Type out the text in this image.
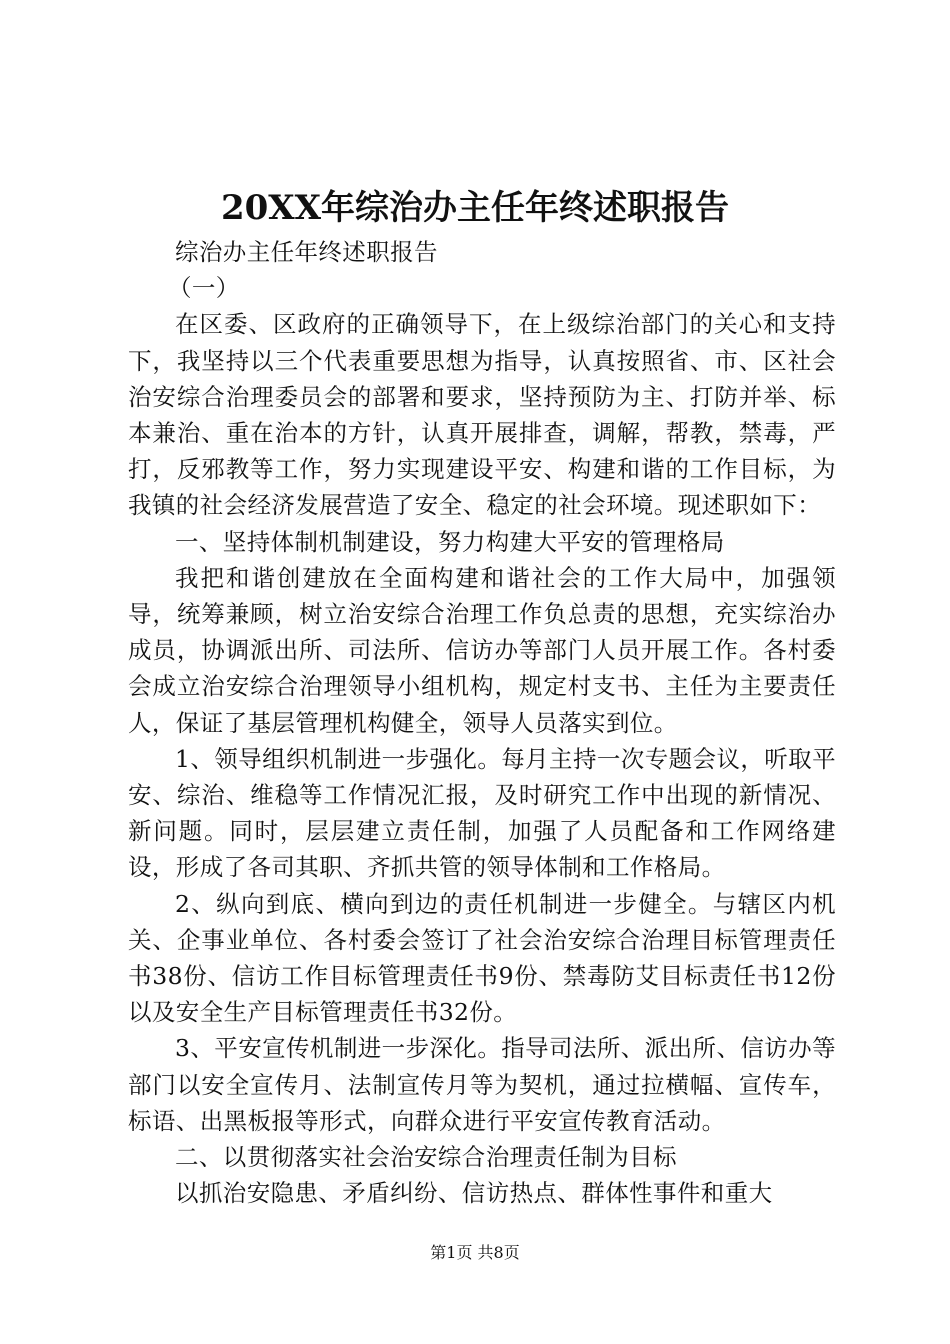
20XX年综治办主任年终述职报告

综治办主任年终述职报告

（一）

在区委、区政府的正确领导下，在上级综治部门的关心和支持下，我坚持以三个代表重要思想为指导，认真按照省、市、区社会治安综合治理委员会的部署和要求，坚持预防为主、打防并举、标本兼治、重在治本的方针，认真开展排查，调解，帮教，禁毒，严打，反邪教等工作，努力实现建设平安、构建和谐的工作目标，为我镇的社会经济发展营造了安全、稳定的社会环境。现述职如下：

一、坚持体制机制建设，努力构建大平安的管理格局

我把和谐创建放在全面构建和谐社会的工作大局中，加强领导，统筹兼顾，树立治安综合治理工作负总责的思想，充实综治办成员，协调派出所、司法所、信访办等部门人员开展工作。各村委会成立治安综合治理领导小组机构，规定村支书、主任为主要责任人，保证了基层管理机构健全，领导人员落实到位。

1、领导组织机制进一步强化。每月主持一次专题会议，听取平安、综治、维稳等工作情况汇报，及时研究工作中出现的新情况、新问题。同时，层层建立责任制，加强了人员配备和工作网络建设，形成了各司其职、齐抓共管的领导体制和工作格局。

2、纵向到底、横向到边的责任机制进一步健全。与辖区内机关、企事业单位、各村委会签订了社会治安综合治理目标管理责任书38份、信访工作目标管理责任书9份、禁毒防艾目标责任书12份以及安全生产目标管理责任书32份。

3、平安宣传机制进一步深化。指导司法所、派出所、信访办等部门以安全宣传月、法制宣传月等为契机，通过拉横幅、宣传车，标语、出黑板报等形式，向群众进行平安宣传教育活动。

二、以贯彻落实社会治安综合治理责任制为目标

以抓治安隐患、矛盾纠纷、信访热点、群体性事件和重大

第1页 共8页
